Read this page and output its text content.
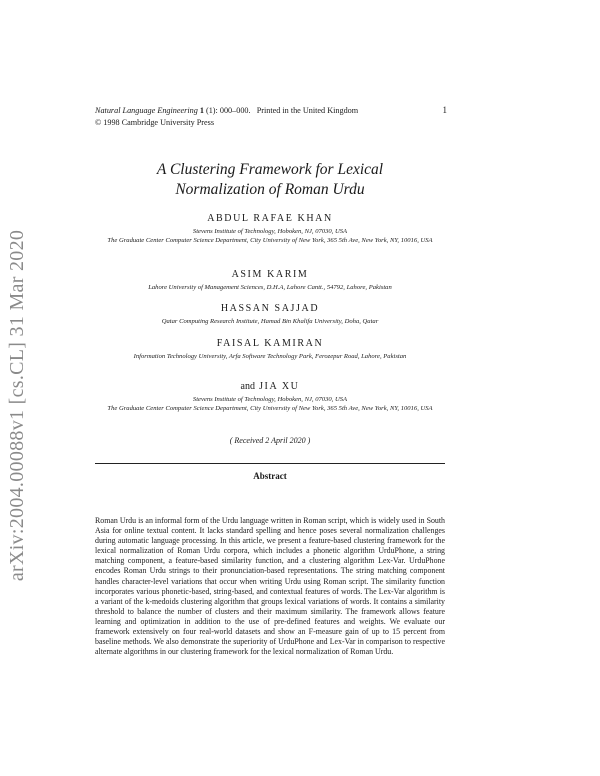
arXiv:2004.00088v1 [cs.CL] 31 Mar 2020
Natural Language Engineering 1 (1): 000–000. Printed in the United Kingdom
© 1998 Cambridge University Press
1
A Clustering Framework for Lexical
Normalization of Roman Urdu
ABDUL RAFAE KHAN
Stevens Institute of Technology, Hoboken, NJ, 07030, USA
The Graduate Center Computer Science Department, City University of New York, 365 5th Ave, New York, NY, 10016, USA
ASIM KARIM
Lahore University of Management Sciences, D.H.A, Lahore Cantt., 54792, Lahore, Pakistan
HASSAN SAJJAD
Qatar Computing Research Institute, Hamad Bin Khalifa University, Doha, Qatar
FAISAL KAMIRAN
Information Technology University, Arfa Software Technology Park, Ferozepur Road, Lahore, Pakistan
and JIA XU
Stevens Institute of Technology, Hoboken, NJ, 07030, USA
The Graduate Center Computer Science Department, City University of New York, 365 5th Ave, New York, NY, 10016, USA
( Received 2 April 2020 )
Abstract
Roman Urdu is an informal form of the Urdu language written in Roman script, which is widely used in South Asia for online textual content. It lacks standard spelling and hence poses several normalization challenges during automatic language processing. In this article, we present a feature-based clustering framework for the lexical normalization of Roman Urdu corpora, which includes a phonetic algorithm UrduPhone, a string matching component, a feature-based similarity function, and a clustering algorithm Lex-Var. UrduPhone encodes Roman Urdu strings to their pronunciation-based representations. The string matching component handles character-level variations that occur when writing Urdu using Roman script. The similarity function incorporates various phonetic-based, string-based, and contextual features of words. The Lex-Var algorithm is a variant of the k-medoids clustering algorithm that groups lexical variations of words. It contains a similarity threshold to balance the number of clusters and their maximum similarity. The framework allows feature learning and optimization in addition to the use of pre-defined features and weights. We evaluate our framework extensively on four real-world datasets and show an F-measure gain of up to 15 percent from baseline methods. We also demonstrate the superiority of UrduPhone and Lex-Var in comparison to respective alternate algorithms in our clustering framework for the lexical normalization of Roman Urdu.
